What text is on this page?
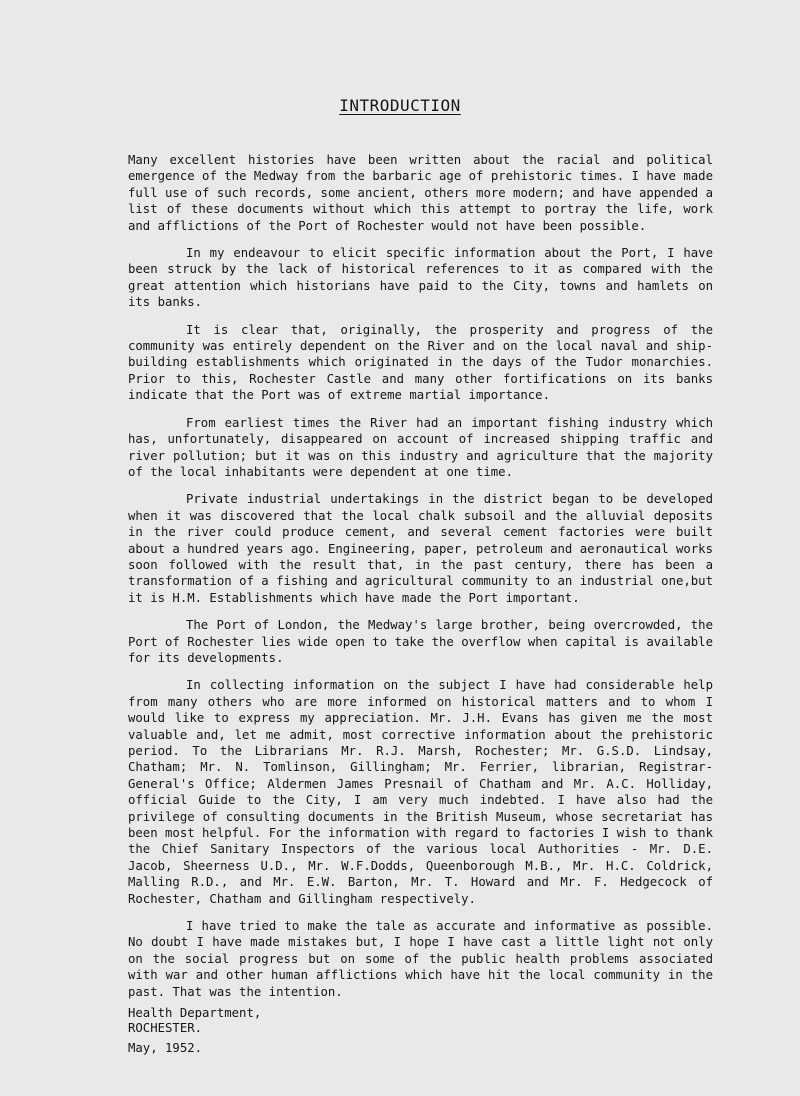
INTRODUCTION

Many excellent histories have been written about the racial and political emergence of the Medway from the barbaric age of prehistoric times. I have made full use of such records, some ancient, others more modern; and have appended a list of these documents without which this attempt to portray the life, work and afflictions of the Port of Rochester would not have been possible.

In my endeavour to elicit specific information about the Port, I have been struck by the lack of historical references to it as compared with the great attention which historians have paid to the City, towns and hamlets on its banks.

It is clear that, originally, the prosperity and progress of the community was entirely dependent on the River and on the local naval and ship-building establishments which originated in the days of the Tudor monarchies. Prior to this, Rochester Castle and many other fortifications on its banks indicate that the Port was of extreme martial importance.

From earliest times the River had an important fishing industry which has, unfortunately, disappeared on account of increased shipping traffic and river pollution; but it was on this industry and agriculture that the majority of the local inhabitants were dependent at one time.

Private industrial undertakings in the district began to be developed when it was discovered that the local chalk subsoil and the alluvial deposits in the river could produce cement, and several cement factories were built about a hundred years ago. Engineering, paper, petroleum and aeronautical works soon followed with the result that, in the past century, there has been a transformation of a fishing and agricultural community to an industrial one,but it is H.M. Establishments which have made the Port important.

The Port of London, the Medway's large brother, being overcrowded, the Port of Rochester lies wide open to take the overflow when capital is available for its developments.

In collecting information on the subject I have had considerable help from many others who are more informed on historical matters and to whom I would like to express my appreciation. Mr. J.H. Evans has given me the most valuable and, let me admit, most corrective information about the prehistoric period. To the Librarians Mr. R.J. Marsh, Rochester; Mr. G.S.D. Lindsay, Chatham; Mr. N. Tomlinson, Gillingham; Mr. Ferrier, librarian, Registrar-General's Office; Aldermen James Presnail of Chatham and Mr. A.C. Holliday, official Guide to the City, I am very much indebted. I have also had the privilege of consulting documents in the British Museum, whose secretariat has been most helpful. For the information with regard to factories I wish to thank the Chief Sanitary Inspectors of the various local Authorities - Mr. D.E. Jacob, Sheerness U.D., Mr. W.F.Dodds, Queenborough M.B., Mr. H.C. Coldrick, Malling R.D., and Mr. E.W. Barton, Mr. T. Howard and Mr. F. Hedgecock of Rochester, Chatham and Gillingham respectively.

I have tried to make the tale as accurate and informative as possible. No doubt I have made mistakes but, I hope I have cast a little light not only on the social progress but on some of the public health problems associated with war and other human afflictions which have hit the local community in the past. That was the intention.

Health Department,
ROCHESTER.
May, 1952.
